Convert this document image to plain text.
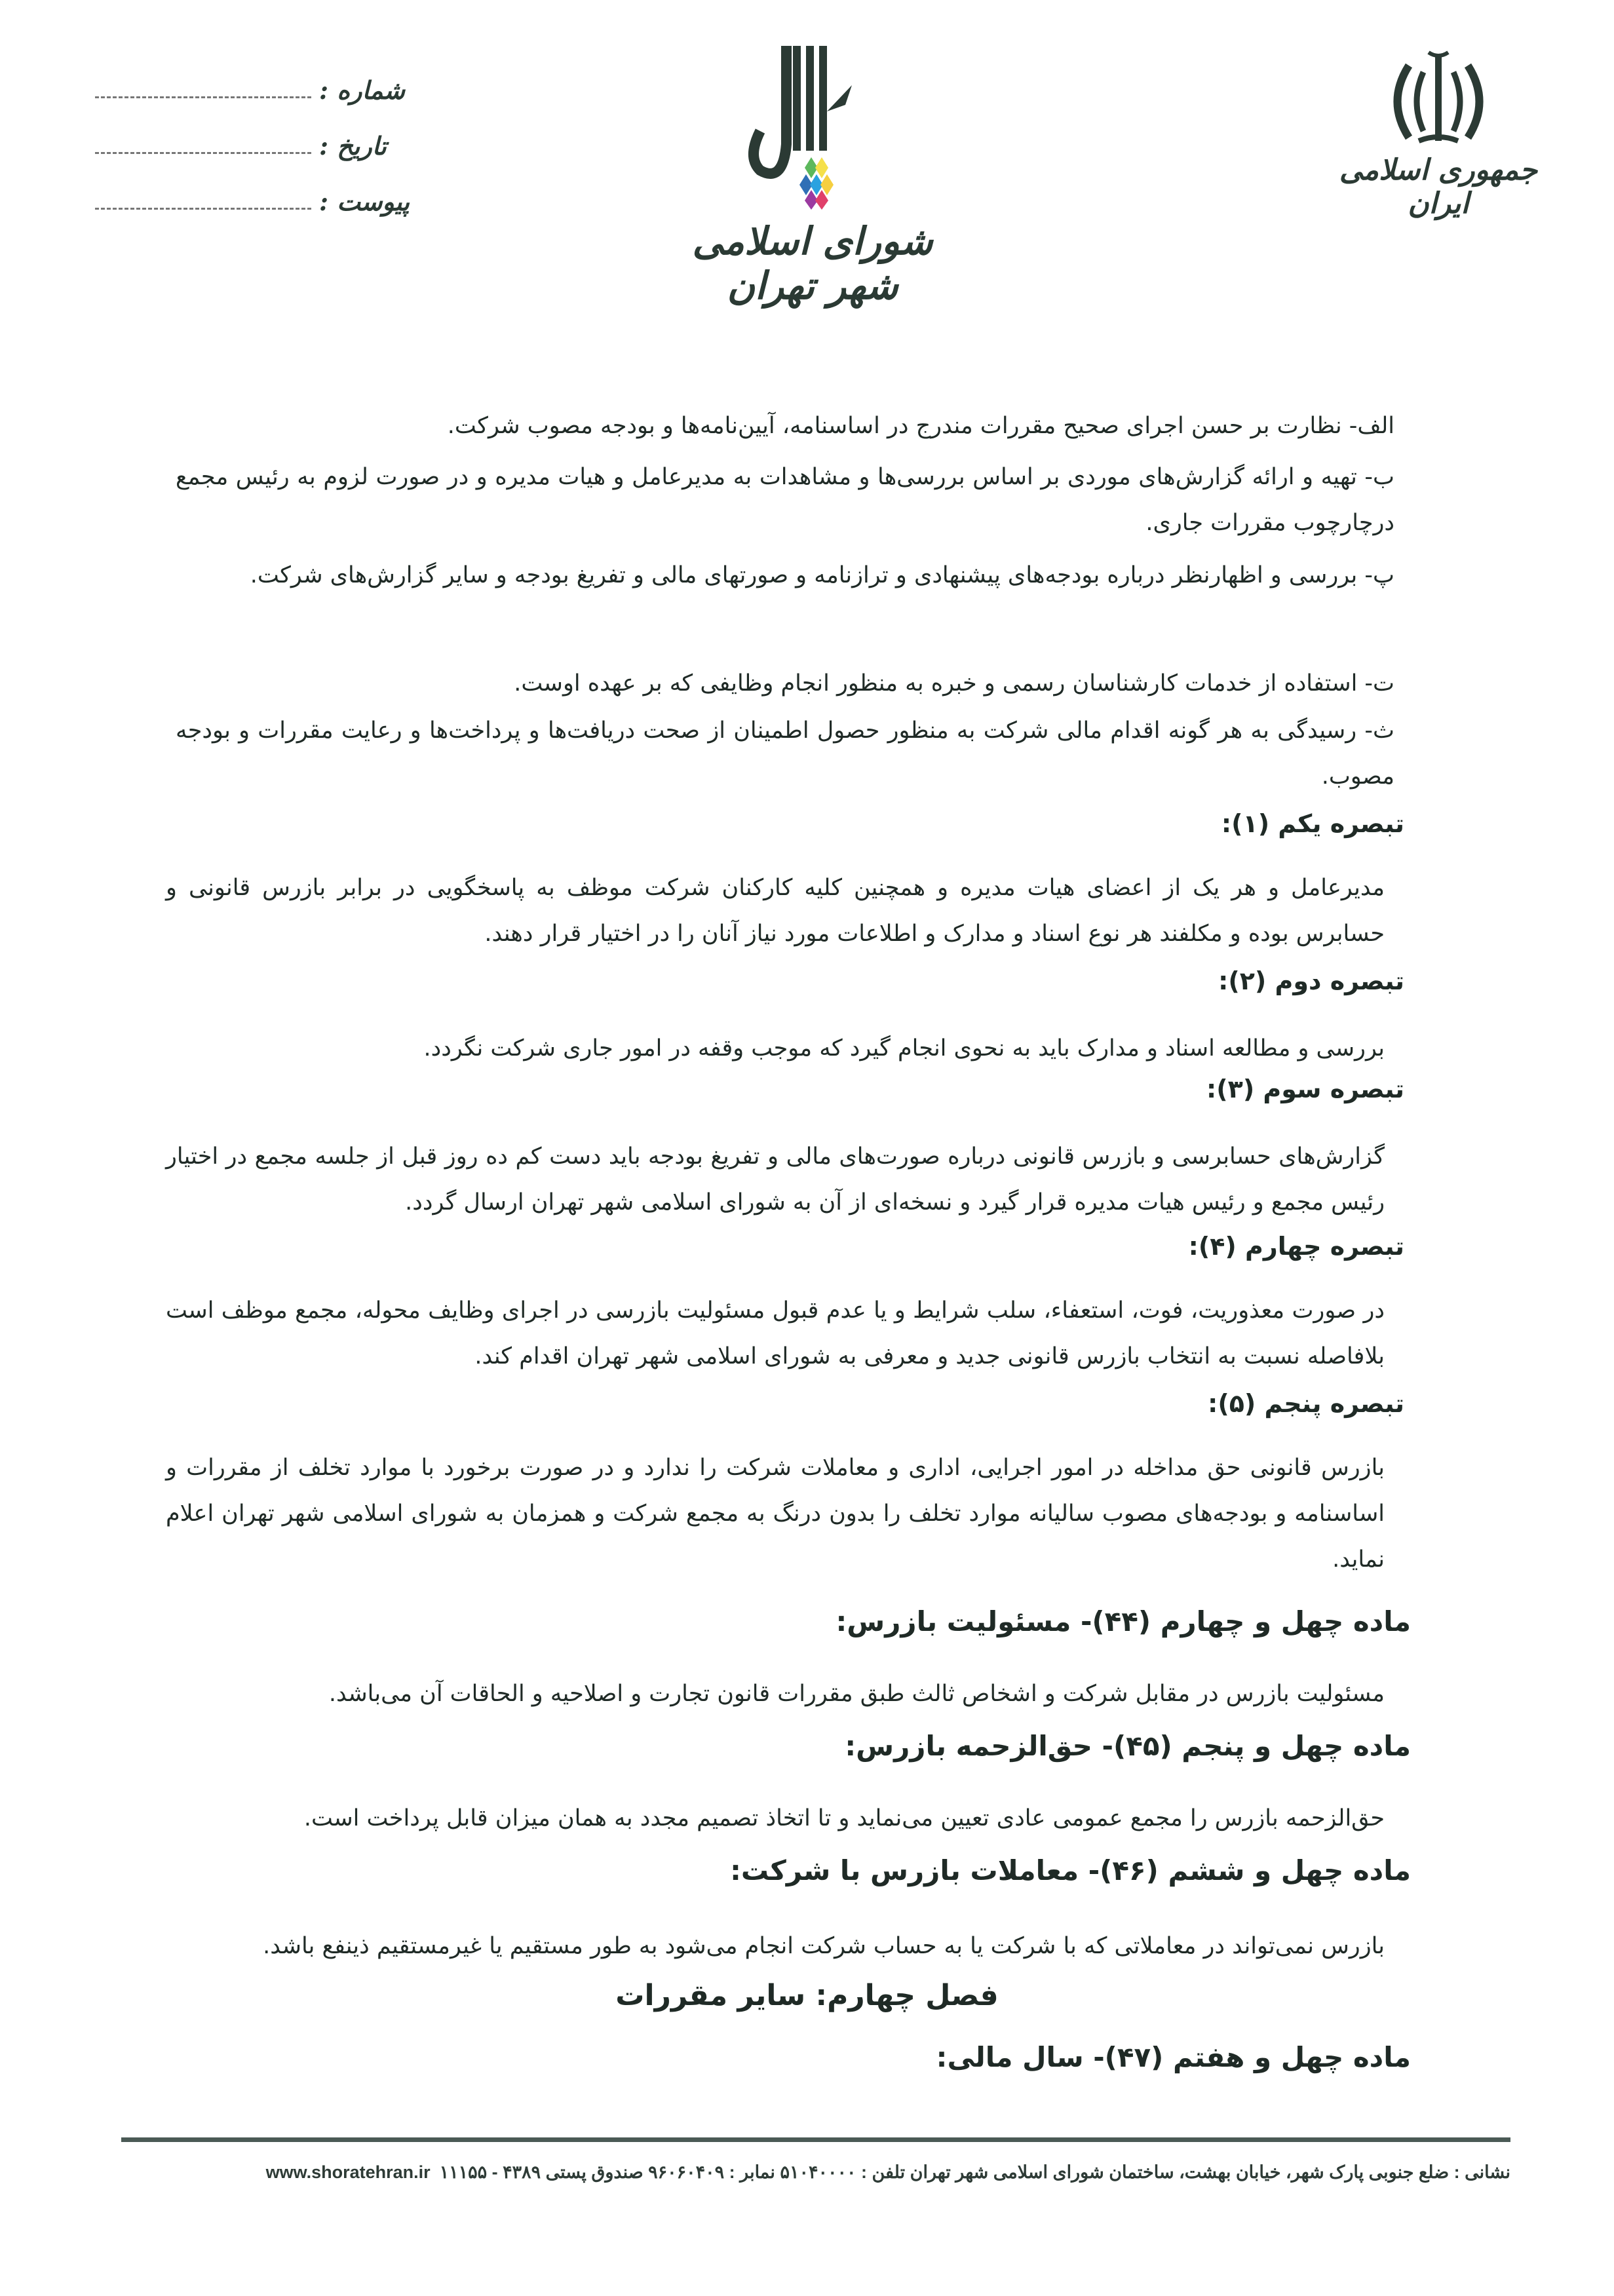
شماره :
تاریخ :
پیوست :
شورای اسلامی شهر تهران
جمهوری اسلامی ایران
الف- نظارت بر حسن اجرای صحیح مقررات مندرج در اساسنامه، آیین‌نامه‌ها و بودجه مصوب شرکت.
ب- تهیه و ارائه گزارش‌های موردی بر اساس بررسی‌ها و مشاهدات به مدیرعامل و هیات مدیره و در صورت لزوم به رئیس مجمع درچارچوب مقررات جاری.
پ- بررسی و اظهارنظر درباره بودجه‌های پیشنهادی و ترازنامه و صورتهای مالی و تفریغ بودجه و سایر گزارش‌های شرکت.
ت- استفاده از خدمات کارشناسان رسمی و خبره به منظور انجام وظایفی که بر عهده اوست.
ث- رسیدگی به هر گونه اقدام مالی شرکت به منظور حصول اطمینان از صحت دریافت‌ها و پرداخت‌ها و رعایت مقررات و بودجه مصوب.
تبصره یکم (۱):
مدیرعامل و هر یک از اعضای هیات مدیره و همچنین کلیه کارکنان شرکت موظف به پاسخگویی در برابر بازرس قانونی و حسابرس بوده و مکلفند هر نوع اسناد و مدارک و اطلاعات مورد نیاز آنان را در اختیار قرار دهند.
تبصره دوم (۲):
بررسی و مطالعه اسناد و مدارک باید به نحوی انجام گیرد که موجب وقفه در امور جاری شرکت نگردد.
تبصره سوم (۳):
گزارش‌های حسابرسی و بازرس قانونی درباره صورت‌های مالی و تفریغ بودجه باید دست کم ده روز قبل از جلسه مجمع در اختیار رئیس مجمع و رئیس هیات مدیره قرار گیرد و نسخه‌ای از آن به شورای اسلامی شهر تهران ارسال گردد.
تبصره چهارم (۴):
در صورت معذوریت، فوت، استعفاء، سلب شرایط و یا عدم قبول مسئولیت بازرسی در اجرای وظایف محوله، مجمع موظف است بلافاصله نسبت به انتخاب بازرس قانونی جدید و معرفی به شورای اسلامی شهر تهران اقدام کند.
تبصره پنجم (۵):
بازرس قانونی حق مداخله در امور اجرایی، اداری و معاملات شرکت را ندارد و در صورت برخورد با موارد تخلف از مقررات و اساسنامه و بودجه‌های مصوب سالیانه موارد تخلف را بدون درنگ به مجمع شرکت و همزمان به شورای اسلامی شهر تهران اعلام نماید.
ماده چهل و چهارم (۴۴)- مسئولیت بازرس:
مسئولیت بازرس در مقابل شرکت و اشخاص ثالث طبق مقررات قانون تجارت و اصلاحیه و الحاقات آن می‌باشد.
ماده چهل و پنجم (۴۵)- حق‌الزحمه بازرس:
حق‌الزحمه بازرس را مجمع عمومی عادی تعیین می‌نماید و تا اتخاذ تصمیم مجدد به همان میزان قابل پرداخت است.
ماده چهل و ششم (۴۶)- معاملات بازرس با شرکت:
بازرس نمی‌تواند در معاملاتی که با شرکت یا به حساب شرکت انجام می‌شود به طور مستقیم یا غیرمستقیم ذینفع باشد.
فصل چهارم: سایر مقررات
ماده چهل و هفتم (۴۷)- سال مالی:
نشانی : ضلع جنوبی پارک شهر، خیابان بهشت، ساختمان شورای اسلامی شهر تهران تلفن : ۵۱۰۴۰۰۰۰ نمابر : ۹۶۰۶۰۴۰۹ صندوق پستی ۴۳۸۹ - ۱۱۱۵۵
www.shoratehran.ir
